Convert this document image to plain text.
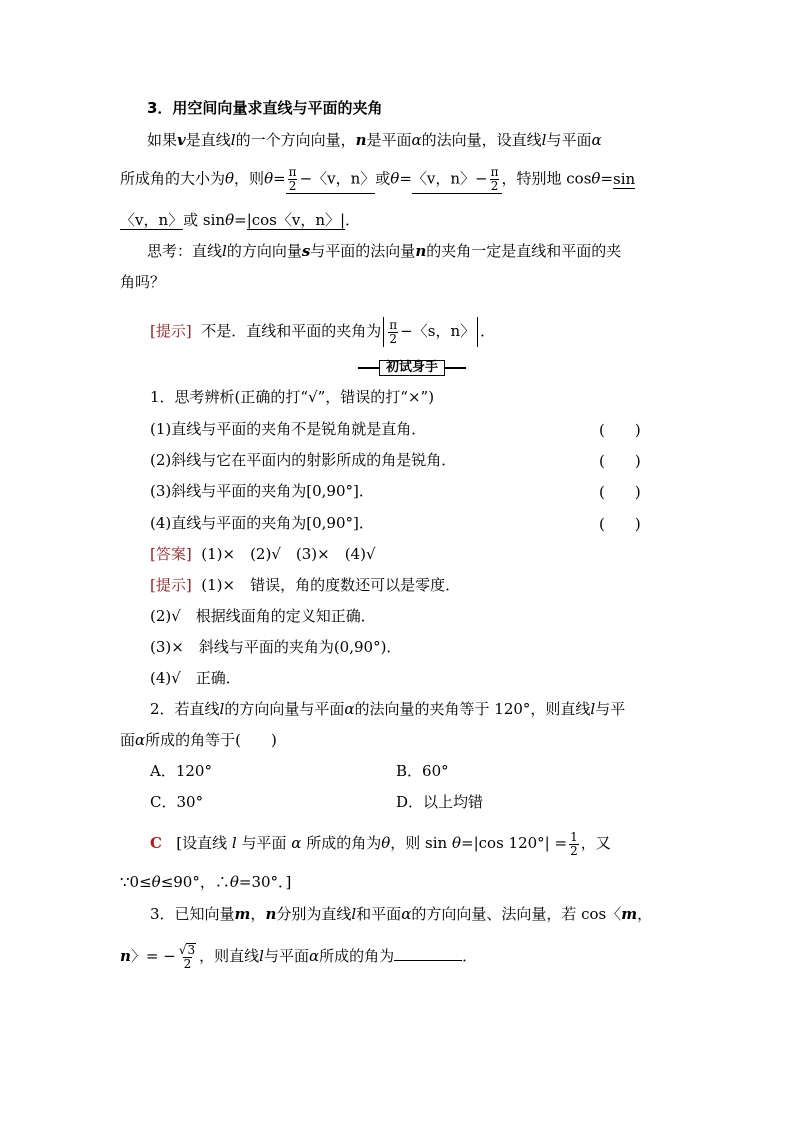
3．用空间向量求直线与平面的夹角
如果v是直线l的一个方向向量，n是平面α的法向量，设直线l与平面α
所成角的大小为θ，则$\theta= \frac{\pi}{2}$ −〈v，n〉或θ=〈v，n〉− $\frac{\pi}{2}$ ，特别地 cosθ=sin
〈v，n〉或 sinθ=|cos〈v，n〉|．
思考：直线l的方向向量s与平面的法向量n的夹角一定是直线和平面的夹
角吗？
[提示] 不是．直线和平面的夹角为 $\frac{\pi}{2}$ −〈s，n〉 ．
初试身手
1．思考辨析(正确的打“√”，错误的打“×”)
(1)直线与平面的夹角不是锐角就是直角．	(　　)
(2)斜线与它在平面内的射影所成的角是锐角．	(　　)
(3)斜线与平面的夹角为[0,90°]．	(　　)
(4)直线与平面的夹角为[0,90°]．	(　　)
[答案] (1)×　(2)√　(3)×　(4)√
[提示] (1)×　错误，角的度数还可以是零度．
(2)√　根据线面角的定义知正确．
(3)×　斜线与平面的夹角为(0,90°)．
(4)√　正确．
2．若直线l的方向向量与平面α的法向量的夹角等于 120°，则直线l与平
面α所成的角等于(　　)
A．120°	B．60°
C．30°	D．以上均错
C [设直线 l 与平面 α 所成的角为θ，则 sin θ=|cos $120^\circ| = \frac{1}{2}$ ，又
∵0≤θ≤90°，∴θ=30°．]
3．已知向量m，n分别为直线l和平面α的方向向量、法向量，若 cos〈m，
n〉= − $\frac{√3}{2}$ ，则直线l与平面α所成的角为	．
